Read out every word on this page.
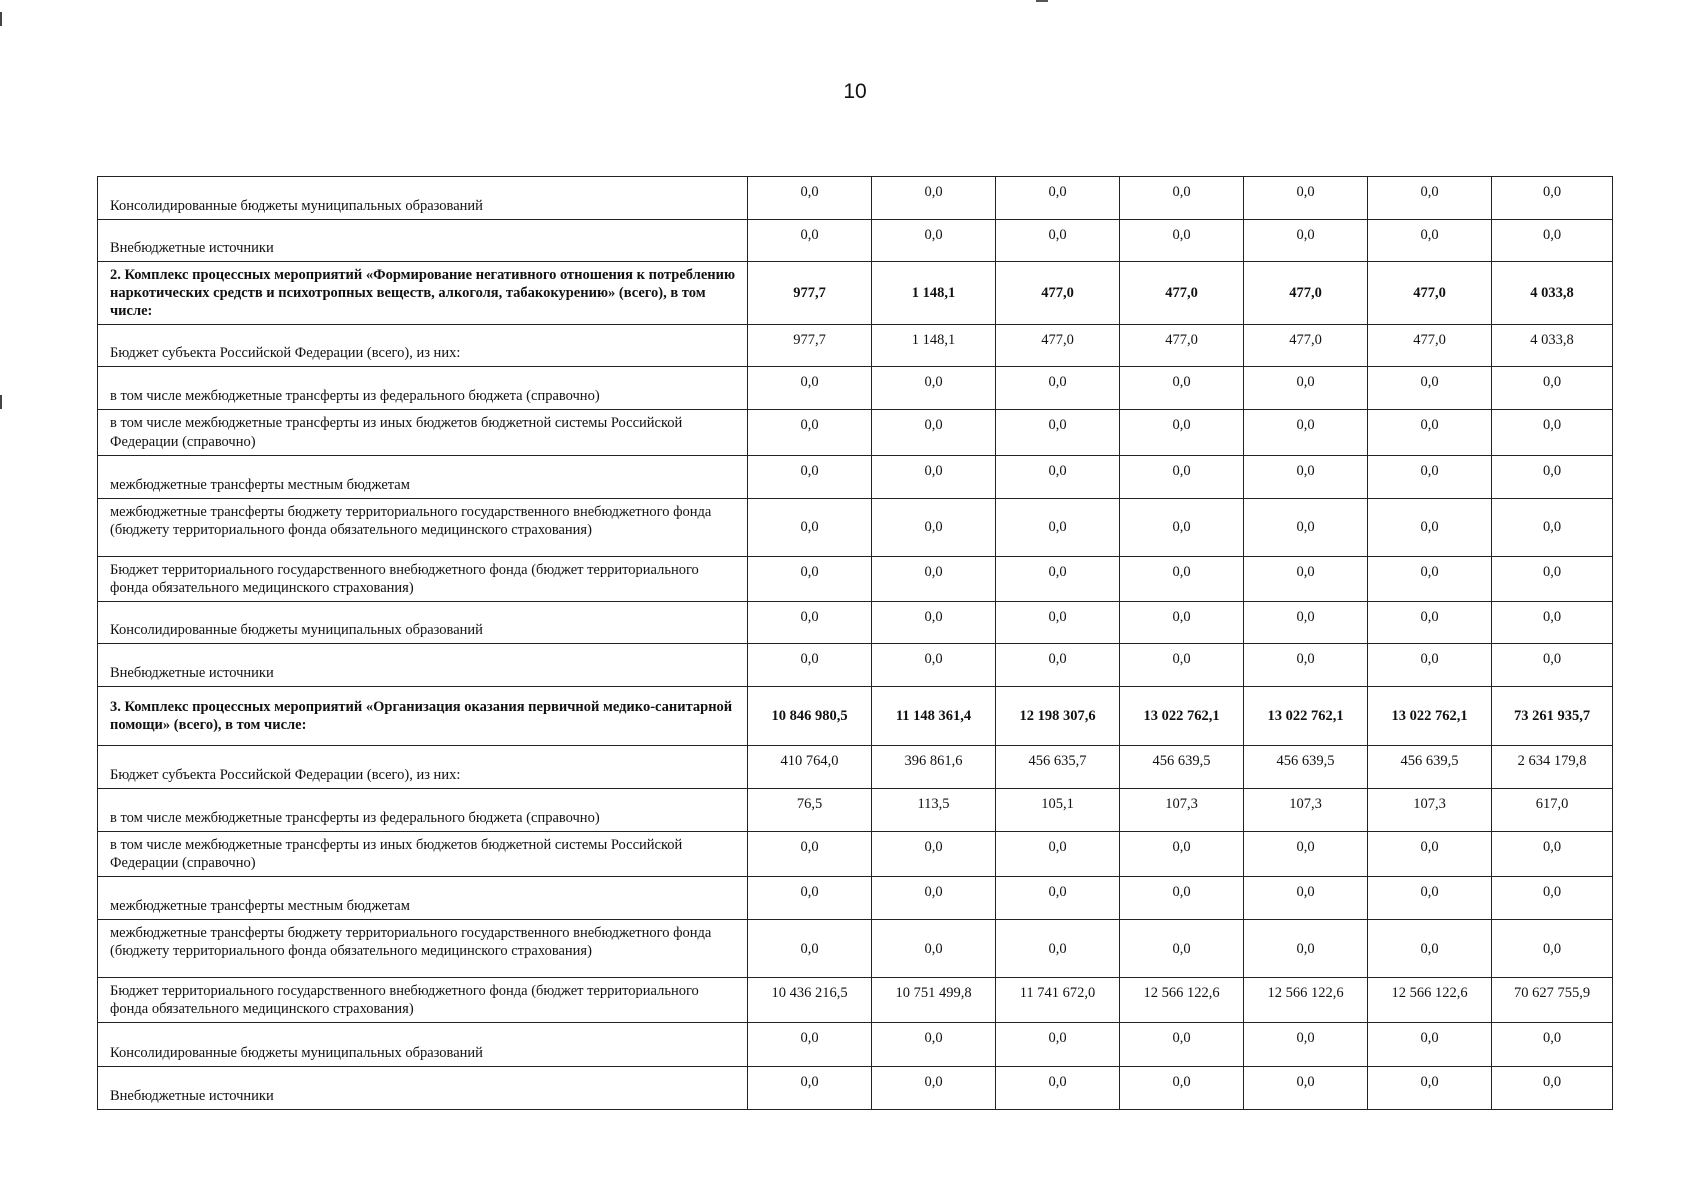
10
Консолидированные бюджеты муниципальных образований	0,0	0,0	0,0	0,0	0,0	0,0	0,0
Внебюджетные источники	0,0	0,0	0,0	0,0	0,0	0,0	0,0
2. Комплекс процессных мероприятий «Формирование негативного отношения к потреблению наркотических средств и психотропных веществ, алкоголя, табакокурению» (всего), в том числе:	977,7	1 148,1	477,0	477,0	477,0	477,0	4 033,8
Бюджет субъекта Российской Федерации (всего), из них:	977,7	1 148,1	477,0	477,0	477,0	477,0	4 033,8
в том числе межбюджетные трансферты из федерального бюджета (справочно)	0,0	0,0	0,0	0,0	0,0	0,0	0,0
в том числе межбюджетные трансферты из иных бюджетов бюджетной системы Российской Федерации (справочно)	0,0	0,0	0,0	0,0	0,0	0,0	0,0
межбюджетные трансферты местным бюджетам	0,0	0,0	0,0	0,0	0,0	0,0	0,0
межбюджетные трансферты бюджету территориального государственного внебюджетного фонда (бюджету территориального фонда обязательного медицинского страхования)	0,0	0,0	0,0	0,0	0,0	0,0	0,0
Бюджет территориального государственного внебюджетного фонда (бюджет территориального фонда обязательного медицинского страхования)	0,0	0,0	0,0	0,0	0,0	0,0	0,0
Консолидированные бюджеты муниципальных образований	0,0	0,0	0,0	0,0	0,0	0,0	0,0
Внебюджетные источники	0,0	0,0	0,0	0,0	0,0	0,0	0,0
3. Комплекс процессных мероприятий «Организация оказания первичной медико-санитарной помощи» (всего), в том числе:	10 846 980,5	11 148 361,4	12 198 307,6	13 022 762,1	13 022 762,1	13 022 762,1	73 261 935,7
Бюджет субъекта Российской Федерации (всего), из них:	410 764,0	396 861,6	456 635,7	456 639,5	456 639,5	456 639,5	2 634 179,8
в том числе межбюджетные трансферты из федерального бюджета (справочно)	76,5	113,5	105,1	107,3	107,3	107,3	617,0
в том числе межбюджетные трансферты из иных бюджетов бюджетной системы Российской Федерации (справочно)	0,0	0,0	0,0	0,0	0,0	0,0	0,0
межбюджетные трансферты местным бюджетам	0,0	0,0	0,0	0,0	0,0	0,0	0,0
межбюджетные трансферты бюджету территориального государственного внебюджетного фонда (бюджету территориального фонда обязательного медицинского страхования)	0,0	0,0	0,0	0,0	0,0	0,0	0,0
Бюджет территориального государственного внебюджетного фонда (бюджет территориального фонда обязательного медицинского страхования)	10 436 216,5	10 751 499,8	11 741 672,0	12 566 122,6	12 566 122,6	12 566 122,6	70 627 755,9
Консолидированные бюджеты муниципальных образований	0,0	0,0	0,0	0,0	0,0	0,0	0,0
Внебюджетные источники	0,0	0,0	0,0	0,0	0,0	0,0	0,0
